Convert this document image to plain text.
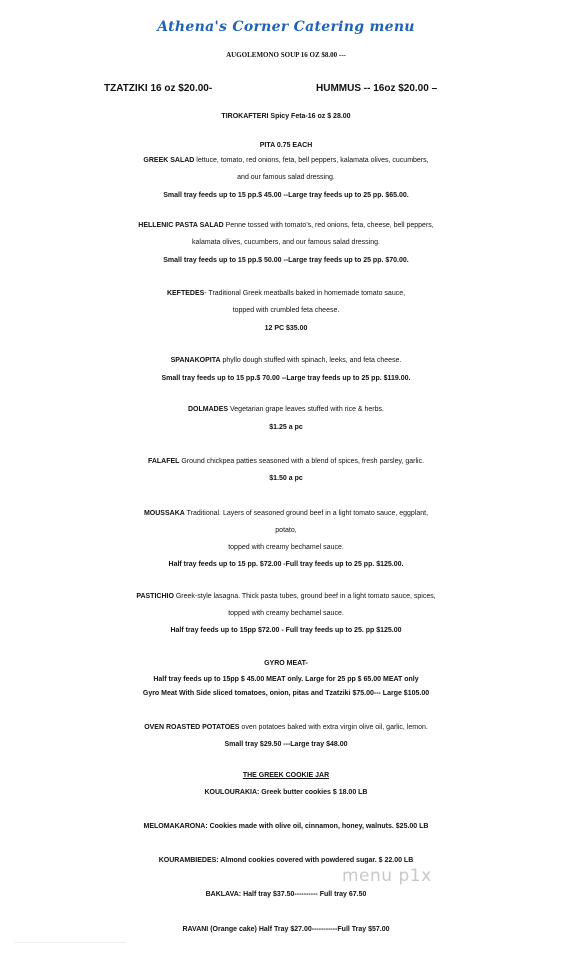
Athena's Corner Catering menu
AUGOLEMONO SOUP 16 OZ $8.00 ---
TZATZIKI 16 oz $20.00-	HUMMUS -- 16oz $20.00 –
TIROKAFTERI Spicy Feta-16 oz $ 28.00
PITA 0.75 EACH
GREEK SALAD lettuce, tomato, red onions, feta, bell peppers, kalamata olives, cucumbers,
and our famous salad dressing.
Small tray feeds up to 15 pp.$ 45.00 --Large tray feeds up to 25 pp. $65.00.
HELLENIC PASTA SALAD Penne tossed with tomato’s, red onions, feta, cheese, bell peppers,
kalamata olives, cucumbers, and our famous salad dressing.
Small tray feeds up to 15 pp.$ 50.00 --Large tray feeds up to 25 pp. $70.00.
KEFTEDES- Traditional Greek meatballs baked in homemade tomato sauce,
topped with crumbled feta cheese.
12 PC $35.00
SPANAKOPITA phyllo dough stuffed with spinach, leeks, and feta cheese.
Small tray feeds up to 15 pp.$ 70.00 --Large tray feeds up to 25 pp. $119.00.
DOLMADES Vegetarian grape leaves stuffed with rice & herbs.
$1.25 a pc
FALAFEL Ground chickpea patties seasoned with a blend of spices, fresh parsley, garlic.
$1.50 a pc
MOUSSAKA Traditional. Layers of seasoned ground beef in a light tomato sauce, eggplant,
potato,
topped with creamy bechamel sauce.
Half tray feeds up to 15 pp. $72.00 -Full tray feeds up to 25 pp. $125.00.
PASTICHIO Greek-style lasagna. Thick pasta tubes, ground beef in a light tomato sauce, spices,
topped with creamy bechamel sauce.
Half tray feeds up to 15pp $72.00 - Full tray feeds up to 25. pp $125.00
GYRO MEAT-
Half tray feeds up to 15pp $ 45.00 MEAT only. Large for 25 pp $ 65.00 MEAT only
Gyro Meat With Side sliced tomatoes, onion, pitas and Tzatziki $75.00--- Large $105.00
OVEN ROASTED POTATOES oven potatoes baked with extra virgin olive oil, garlic, lemon.
Small tray $29.50 ---Large tray $48.00
THE GREEK COOKIE JAR
KOULOURAKIA: Greek butter cookies $ 18.00 LB
MELOMAKARONA: Cookies made with olive oil, cinnamon, honey, walnuts. $25.00 LB
KOURAMBIEDES: Almond cookies covered with powdered sugar. $ 22.00 LB
BAKLAVA: Half tray $37.50---------- Full tray 67.50
RAVANI (Orange cake) Half Tray $27.00-----------Full Tray $57.00
menu p1x
